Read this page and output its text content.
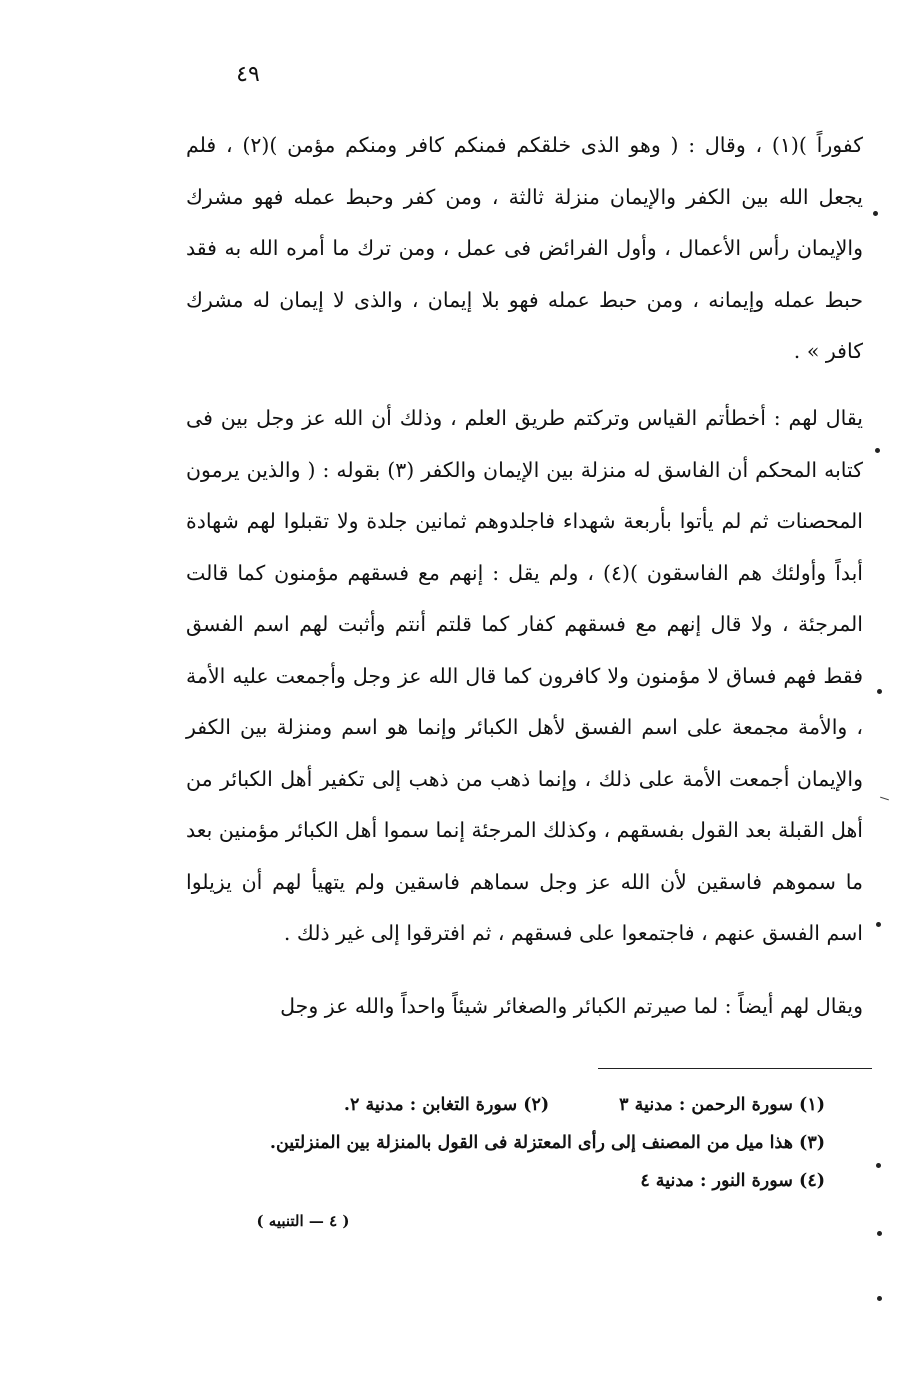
٤٩
كفوراً )(١) ، وقال : ( وهو الذى خلقكم فمنكم كافر ومنكم مؤمن )(٢) ، فلم يجعل الله بين الكفر والإيمان منزلة ثالثة ، ومن كفر وحبط عمله فهو مشرك والإيمان رأس الأعمال ، وأول الفرائض فى عمل ، ومن ترك ما أمره الله به فقد حبط عمله وإيمانه ، ومن حبط عمله فهو بلا إيمان ، والذى لا إيمان له مشرك كافر » .
يقال لهم : أخطأتم القياس وتركتم طريق العلم ، وذلك أن الله عز وجل بين فى كتابه المحكم أن الفاسق له منزلة بين الإيمان والكفر (٣) بقوله : ( والذين يرمون المحصنات ثم لم يأتوا بأربعة شهداء فاجلدوهم ثمانين جلدة ولا تقبلوا لهم شهادة أبداً وأولئك هم الفاسقون )(٤) ، ولم يقل : إنهم مع فسقهم مؤمنون كما قالت المرجئة ، ولا قال إنهم مع فسقهم كفار كما قلتم أنتم وأثبت لهم اسم الفسق فقط فهم فساق لا مؤمنون ولا كافرون كما قال الله عز وجل وأجمعت عليه الأمة ، والأمة مجمعة على اسم الفسق لأهل الكبائر وإنما هو اسم ومنزلة بين الكفر والإيمان أجمعت الأمة على ذلك ، وإنما ذهب من ذهب إلى تكفير أهل الكبائر من أهل القبلة بعد القول بفسقهم ، وكذلك المرجئة إنما سموا أهل الكبائر مؤمنين بعد ما سموهم فاسقين لأن الله عز وجل سماهم فاسقين ولم يتهيأ لهم أن يزيلوا اسم الفسق عنهم ، فاجتمعوا على فسقهم ، ثم افترقوا إلى غير ذلك .
ويقال لهم أيضاً : لما صيرتم الكبائر والصغائر شيئاً واحداً والله عز وجل
(١) سورة الرحمن : مدنية ٣(٢) سورة التغابن : مدنية ٢.
(٣) هذا ميل من المصنف إلى رأى المعتزلة فى القول بالمنزلة بين المنزلتين.
(٤) سورة النور : مدنية ٤
( ٤ — التنبيه )
